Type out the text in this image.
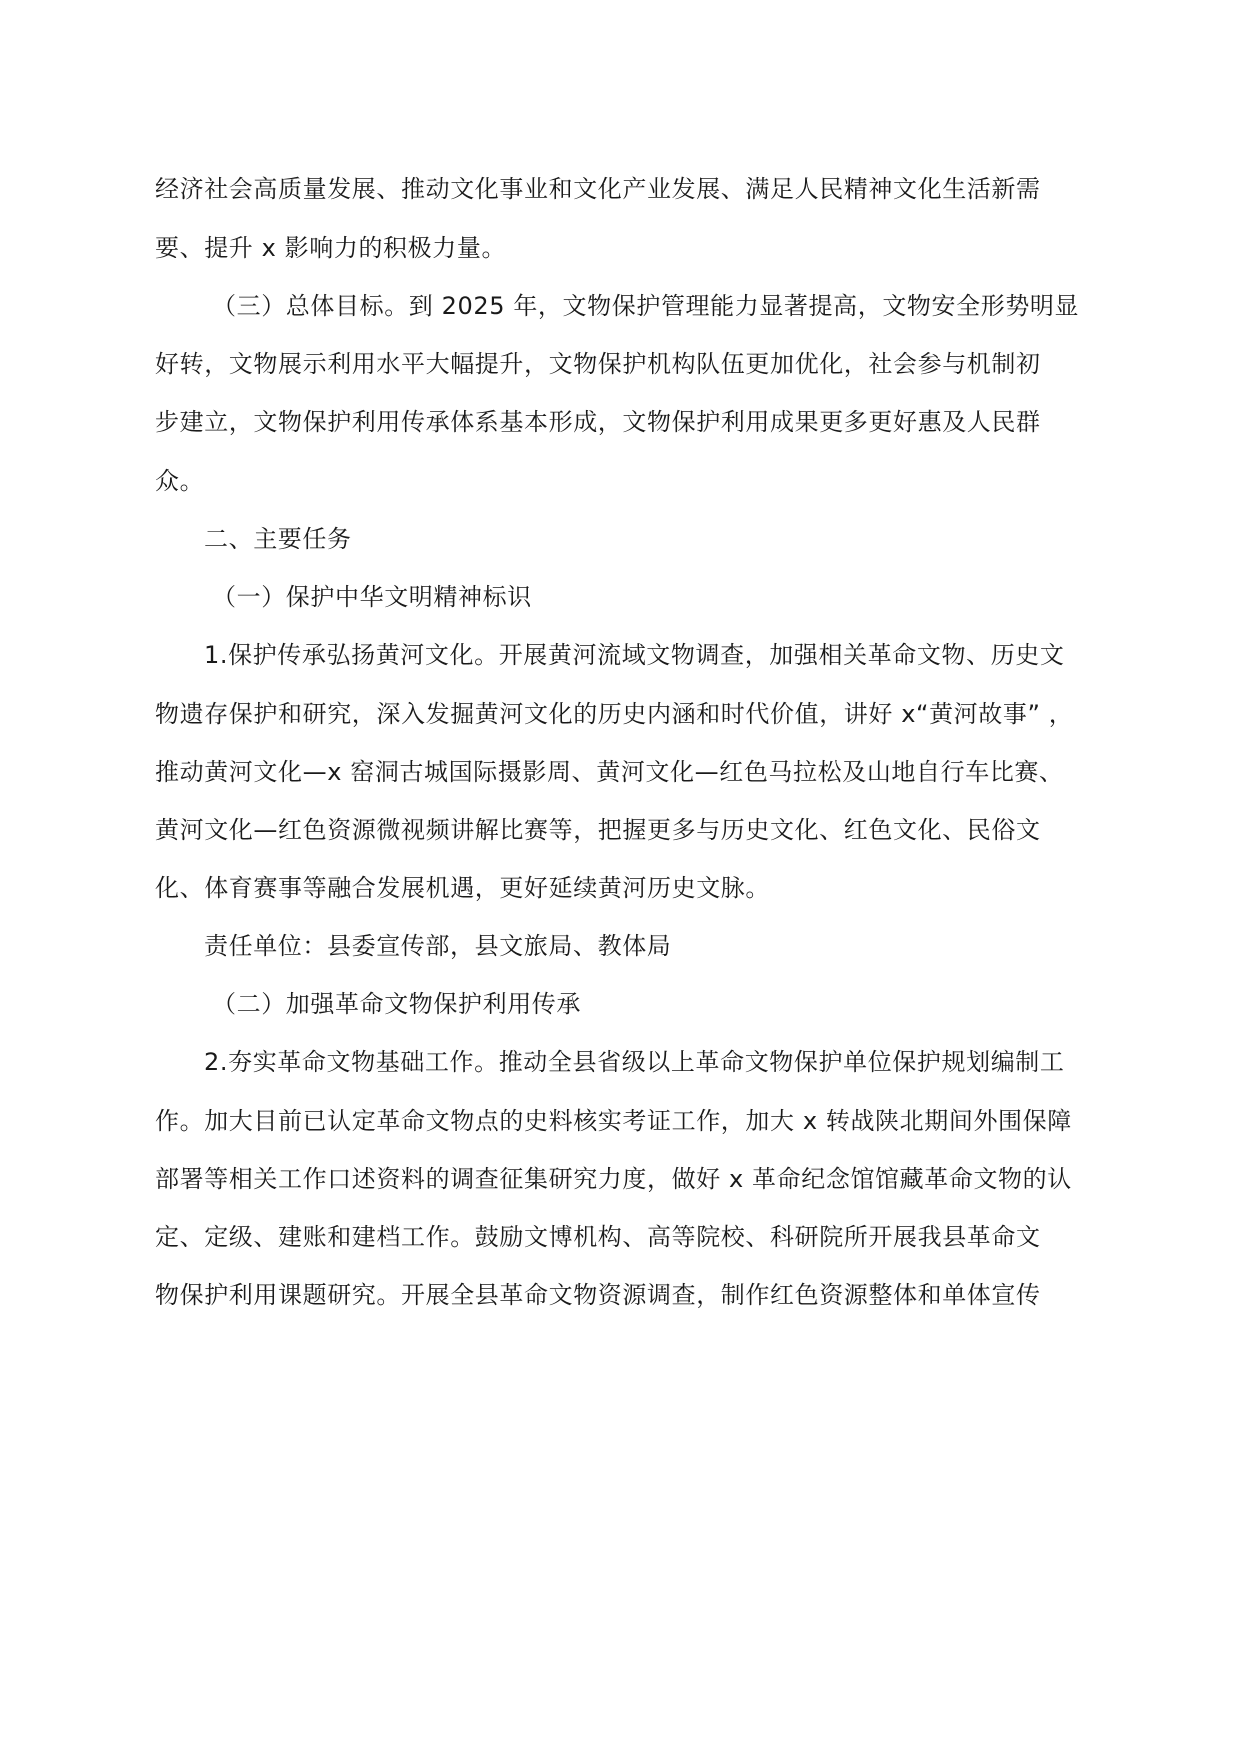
经济社会高质量发展、推动文化事业和文化产业发展、满足人民精神文化生活新需
要、提升 x 影响力的积极力量。
（三）总体目标。到 2025 年，文物保护管理能力显著提高，文物安全形势明显
好转，文物展示利用水平大幅提升，文物保护机构队伍更加优化，社会参与机制初
步建立，文物保护利用传承体系基本形成，文物保护利用成果更多更好惠及人民群
众。
二、主要任务
（一）保护中华文明精神标识
1.保护传承弘扬黄河文化。开展黄河流域文物调查，加强相关革命文物、历史文
物遗存保护和研究，深入发掘黄河文化的历史内涵和时代价值，讲好 x“黄河故事” ，
推动黄河文化—x 窑洞古城国际摄影周、黄河文化—红色马拉松及山地自行车比赛、
黄河文化—红色资源微视频讲解比赛等，把握更多与历史文化、红色文化、民俗文
化、体育赛事等融合发展机遇，更好延续黄河历史文脉。
责任单位：县委宣传部，县文旅局、教体局
（二）加强革命文物保护利用传承
2.夯实革命文物基础工作。推动全县省级以上革命文物保护单位保护规划编制工
作。加大目前已认定革命文物点的史料核实考证工作，加大 x 转战陕北期间外围保障
部署等相关工作口述资料的调查征集研究力度，做好 x 革命纪念馆馆藏革命文物的认
定、定级、建账和建档工作。鼓励文博机构、高等院校、科研院所开展我县革命文
物保护利用课题研究。开展全县革命文物资源调查，制作红色资源整体和单体宣传
